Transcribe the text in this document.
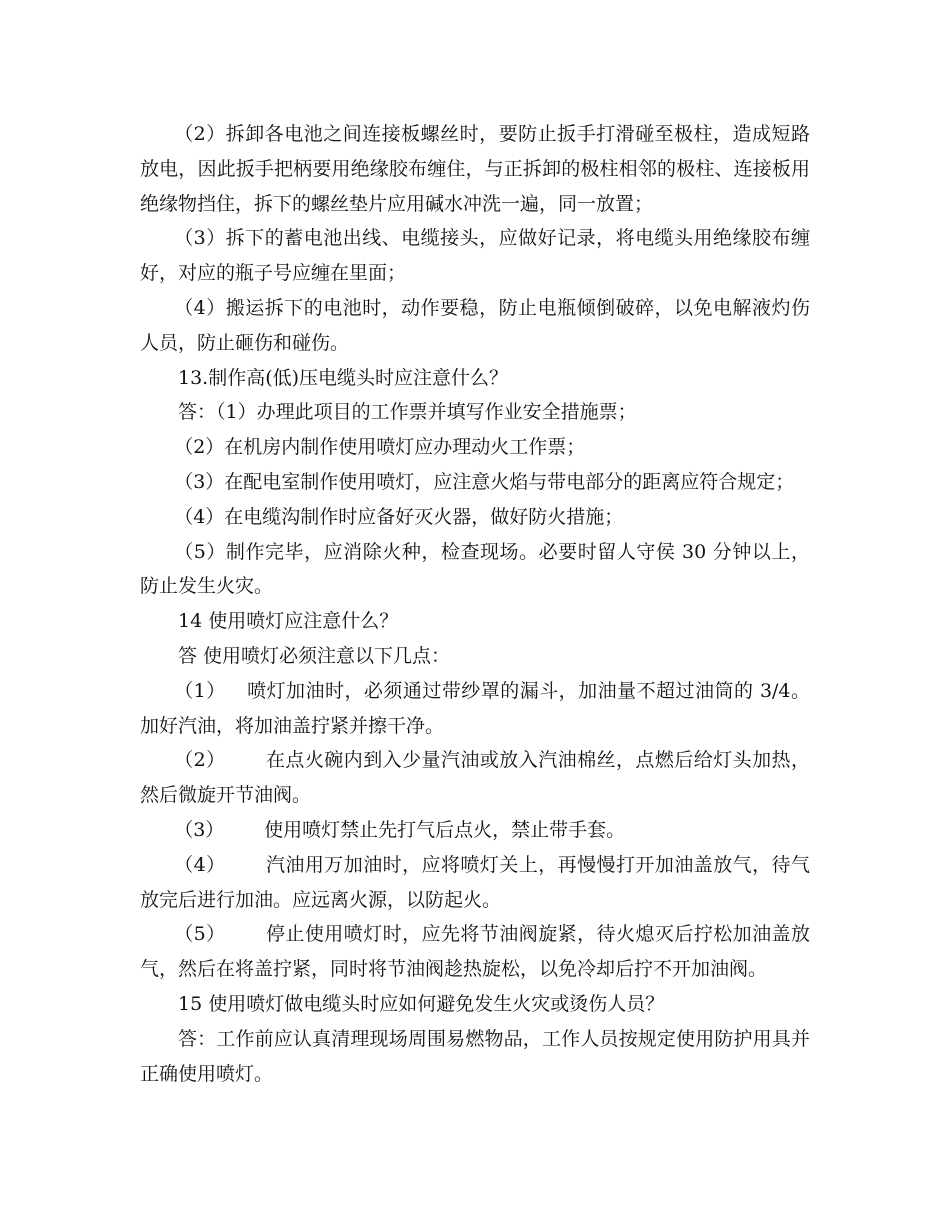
（2）拆卸各电池之间连接板螺丝时，要防止扳手打滑碰至极柱，造成短路放电，因此扳手把柄要用绝缘胶布缠住，与正拆卸的极柱相邻的极柱、连接板用绝缘物挡住，拆下的螺丝垫片应用碱水冲洗一遍，同一放置；

（3）拆下的蓄电池出线、电缆接头，应做好记录，将电缆头用绝缘胶布缠好，对应的瓶子号应缠在里面；

（4）搬运拆下的电池时，动作要稳，防止电瓶倾倒破碎，以免电解液灼伤人员，防止砸伤和碰伤。

13.制作高(低)压电缆头时应注意什么？

答：（1）办理此项目的工作票并填写作业安全措施票；

（2）在机房内制作使用喷灯应办理动火工作票；

（3）在配电室制作使用喷灯，应注意火焰与带电部分的距离应符合规定；

（4）在电缆沟制作时应备好灭火器，做好防火措施；

（5）制作完毕，应消除火种，检查现场。必要时留人守侯 30 分钟以上，防止发生火灾。

14 使用喷灯应注意什么？

答 使用喷灯必须注意以下几点：

（1） 喷灯加油时，必须通过带纱罩的漏斗，加油量不超过油筒的 3/4。加好汽油，将加油盖拧紧并擦干净。

（2） 在点火碗内到入少量汽油或放入汽油棉丝，点燃后给灯头加热，然后微旋开节油阀。

（3） 使用喷灯禁止先打气后点火，禁止带手套。

（4） 汽油用万加油时，应将喷灯关上，再慢慢打开加油盖放气，待气放完后进行加油。应远离火源，以防起火。

（5） 停止使用喷灯时，应先将节油阀旋紧，待火熄灭后拧松加油盖放气，然后在将盖拧紧，同时将节油阀趁热旋松，以免冷却后拧不开加油阀。

15 使用喷灯做电缆头时应如何避免发生火灾或烫伤人员？

答：工作前应认真清理现场周围易燃物品，工作人员按规定使用防护用具并正确使用喷灯。
